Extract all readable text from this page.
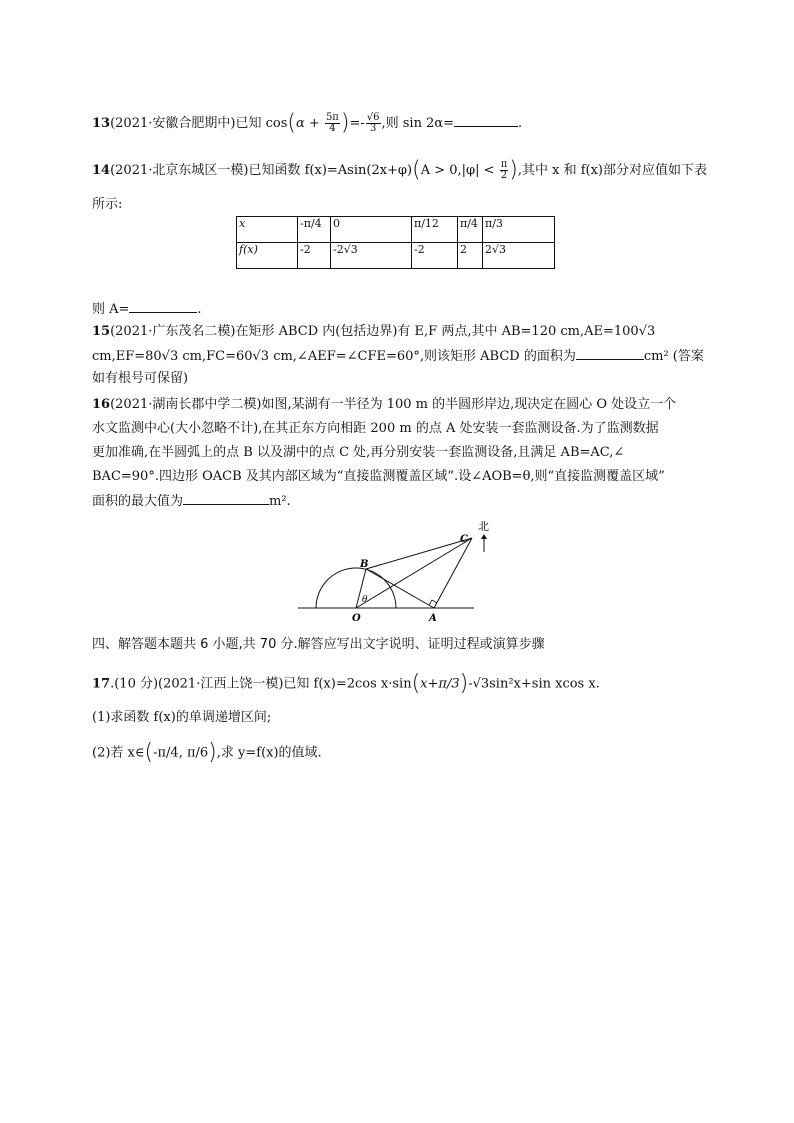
13(2021·安徽合肥期中)已知 $\cos(\alpha + \frac{5\pi}{4}$ )=- $\frac{√6}{3}$ ,则 sin 2α=	.
14(2021·北京东城区一模)已知函数 $f(x)=Asin(2x+\varphi)(A > 0,|\varphi| < \frac{\pi}{2}$ ),其中 x 和 f(x)部分对应值如下表
所示:
x	-π/4	0	π/12	π/4	π/3
f(x)	-2	-2√3	-2	2	2√3
则 A=	.
15(2021·广东茂名二模)在矩形 ABCD 内(包括边界)有 E,F 两点,其中 AB=120 cm,AE=100√3
cm,EF=80√3 cm,FC=60√3 cm,∠AEF=∠CFE=60°,则该矩形 ABCD 的面积为	cm² (答案
如有根号可保留)
16(2021·湖南长郡中学二模)如图,某湖有一半径为 100 m 的半圆形岸边,现决定在圆心 O 处设立一个
水文监测中心(大小忽略不计),在其正东方向相距 200 m 的点 A 处安装一套监测设备.为了监测数据
更加准确,在半圆弧上的点 B 以及湖中的点 C 处,再分别安装一套监测设备,且满足 AB=AC,∠
BAC=90°.四边形 OACB 及其内部区域为“直接监测覆盖区域”.设∠AOB=θ,则“直接监测覆盖区域”
面积的最大值为	m².
北
B
C
O	A
θ
四、解答题本题共 6 小题,共 70 分.解答应写出文字说明、证明过程或演算步骤
17.(10 分)(2021·江西上饶一模)已知 f(x)=2cos x·sin(x+π/3)-√3sin²x+sin xcos x.
(1)求函数 f(x)的单调递增区间;
(2)若 x∈(-π/4, π/6),求 y=f(x)的值域.
